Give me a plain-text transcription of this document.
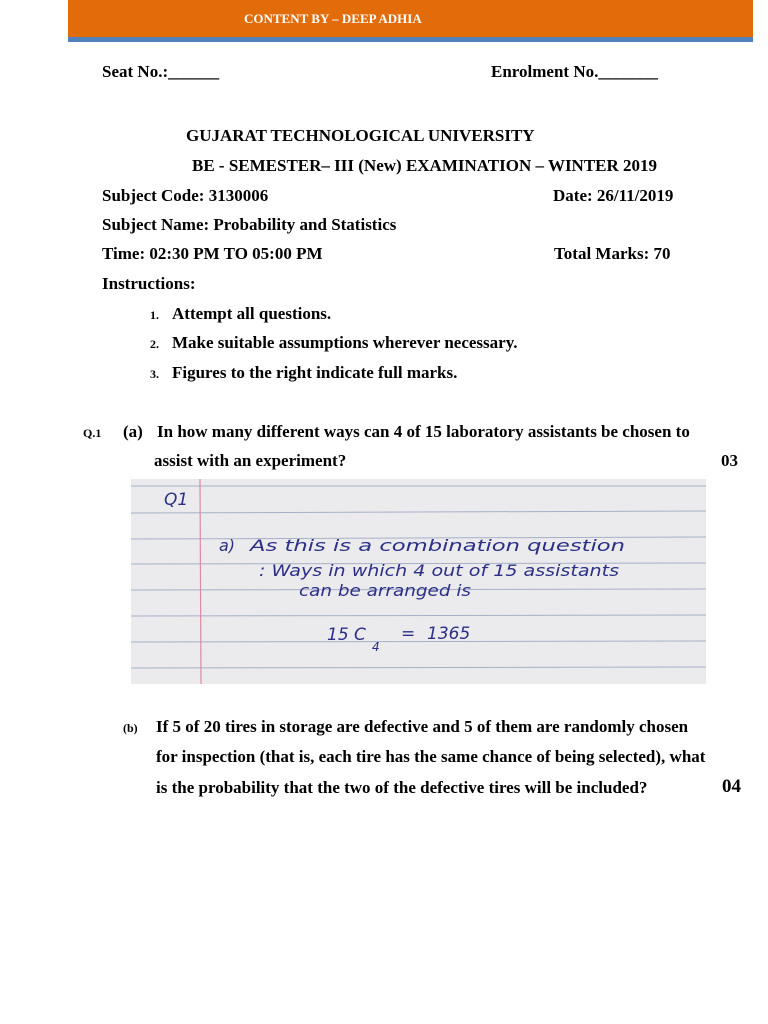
CONTENT BY – DEEP ADHIA
Seat No.:______	Enrolment No._______
GUJARAT TECHNOLOGICAL UNIVERSITY
BE - SEMESTER– III (New) EXAMINATION – WINTER 2019
Subject Code: 3130006	Date: 26/11/2019
Subject Name: Probability and Statistics
Time: 02:30 PM TO 05:00 PM	Total Marks: 70
Instructions:
1. Attempt all questions.
2. Make suitable assumptions wherever necessary.
3. Figures to the right indicate full marks.
Q.1 (a) In how many different ways can 4 of 15 laboratory assistants be chosen to
assist with an experiment?	03
Q1
a) As this is a combination question
: Ways in which 4 out of 15 assistants
can be arranged is
15 C
4
= 1365
(b) If 5 of 20 tires in storage are defective and 5 of them are randomly chosen
for inspection (that is, each tire has the same chance of being selected), what
is the probability that the two of the defective tires will be included?	04
